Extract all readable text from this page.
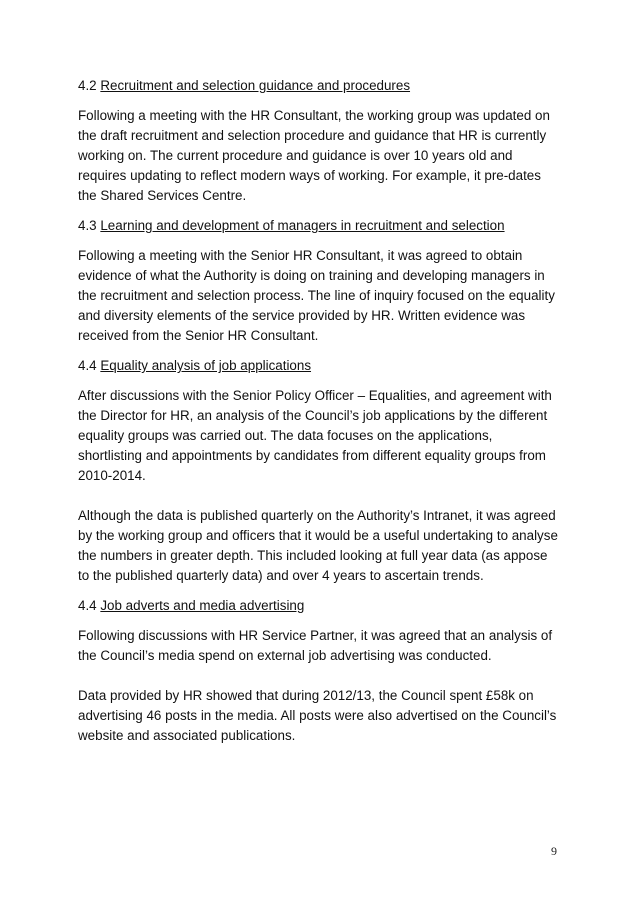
4.2 Recruitment and selection guidance and procedures

Following a meeting with the HR Consultant, the working group was updated on the draft recruitment and selection procedure and guidance that HR is currently working on. The current procedure and guidance is over 10 years old and requires updating to reflect modern ways of working. For example, it pre-dates the Shared Services Centre.

4.3 Learning and development of managers in recruitment and selection

Following a meeting with the Senior HR Consultant, it was agreed to obtain evidence of what the Authority is doing on training and developing managers in the recruitment and selection process. The line of inquiry focused on the equality and diversity elements of the service provided by HR. Written evidence was received from the Senior HR Consultant.

4.4 Equality analysis of job applications

After discussions with the Senior Policy Officer – Equalities, and agreement with the Director for HR, an analysis of the Council’s job applications by the different equality groups was carried out. The data focuses on the applications, shortlisting and appointments by candidates from different equality groups from 2010-2014.

Although the data is published quarterly on the Authority’s Intranet, it was agreed by the working group and officers that it would be a useful undertaking to analyse the numbers in greater depth. This included looking at full year data (as appose to the published quarterly data) and over 4 years to ascertain trends.

4.4 Job adverts and media advertising

Following discussions with HR Service Partner, it was agreed that an analysis of the Council’s media spend on external job advertising was conducted.

Data provided by HR showed that during 2012/13, the Council spent £58k on advertising 46 posts in the media. All posts were also advertised on the Council’s website and associated publications.

9
